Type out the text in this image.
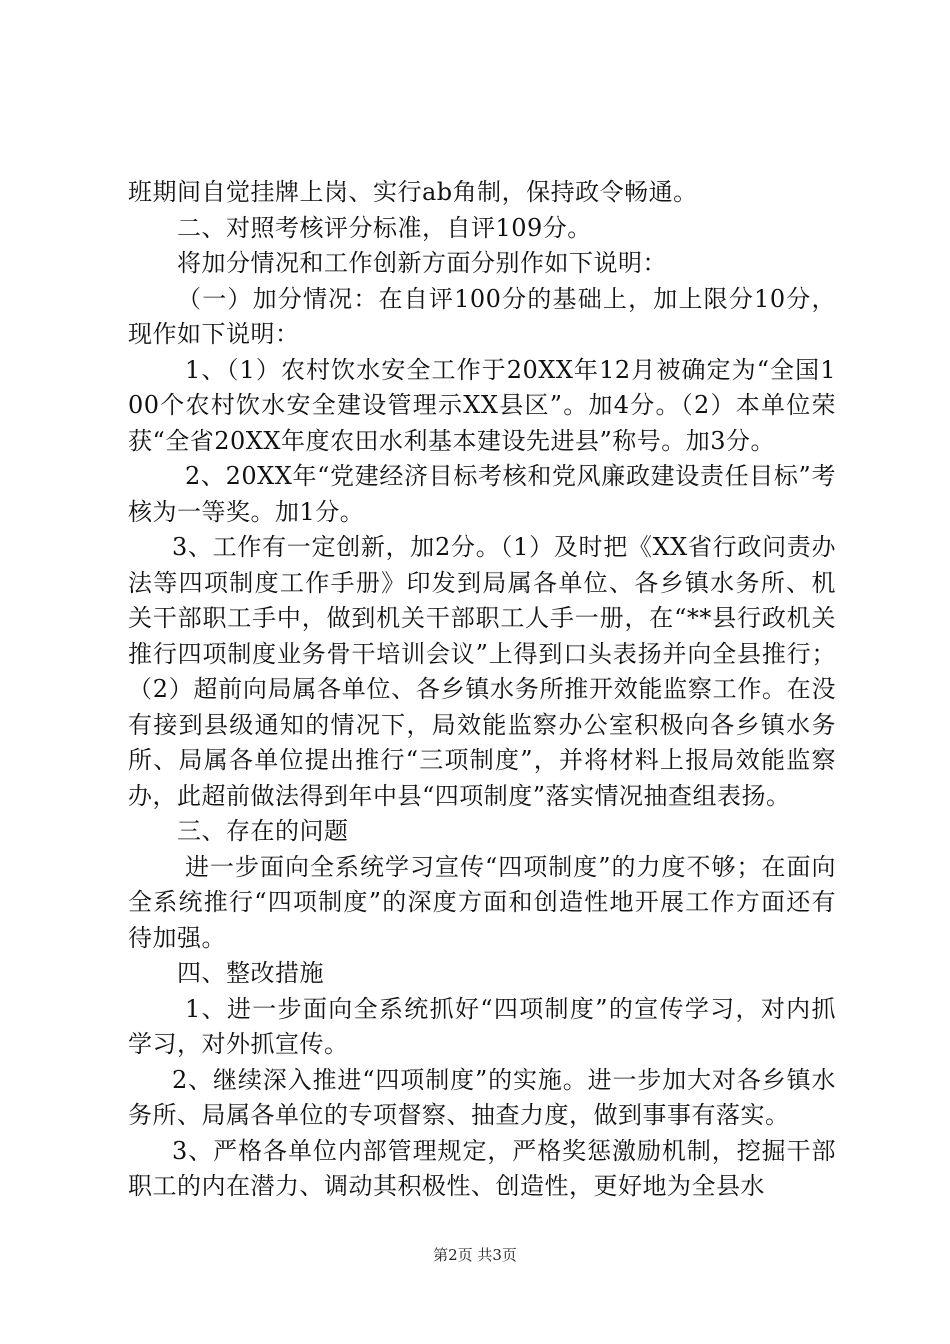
班期间自觉挂牌上岗、实行ab角制，保持政令畅通。

二、对照考核评分标准，自评109分。

将加分情况和工作创新方面分别作如下说明：

（一）加分情况：在自评100分的基础上，加上限分10分，现作如下说明：

1、（1）农村饮水安全工作于20XX年12月被确定为“全国100个农村饮水安全建设管理示XX县区”。加4分。（2）本单位荣获“全省20XX年度农田水利基本建设先进县”称号。加3分。

2、20XX年“党建经济目标考核和党风廉政建设责任目标”考核为一等奖。加1分。

3、工作有一定创新，加2分。（1）及时把《XX省行政问责办法等四项制度工作手册》印发到局属各单位、各乡镇水务所、机关干部职工手中，做到机关干部职工人手一册，在“**县行政机关推行四项制度业务骨干培训会议”上得到口头表扬并向全县推行；（2）超前向局属各单位、各乡镇水务所推开效能监察工作。在没有接到县级通知的情况下，局效能监察办公室积极向各乡镇水务所、局属各单位提出推行“三项制度”，并将材料上报局效能监察办，此超前做法得到年中县“四项制度”落实情况抽查组表扬。

三、存在的问题

进一步面向全系统学习宣传“四项制度”的力度不够；在面向全系统推行“四项制度”的深度方面和创造性地开展工作方面还有待加强。

四、整改措施

1、进一步面向全系统抓好“四项制度”的宣传学习，对内抓学习，对外抓宣传。

2、继续深入推进“四项制度”的实施。进一步加大对各乡镇水务所、局属各单位的专项督察、抽查力度，做到事事有落实。

3、严格各单位内部管理规定，严格奖惩激励机制，挖掘干部职工的内在潜力、调动其积极性、创造性，更好地为全县水

第2页 共3页
